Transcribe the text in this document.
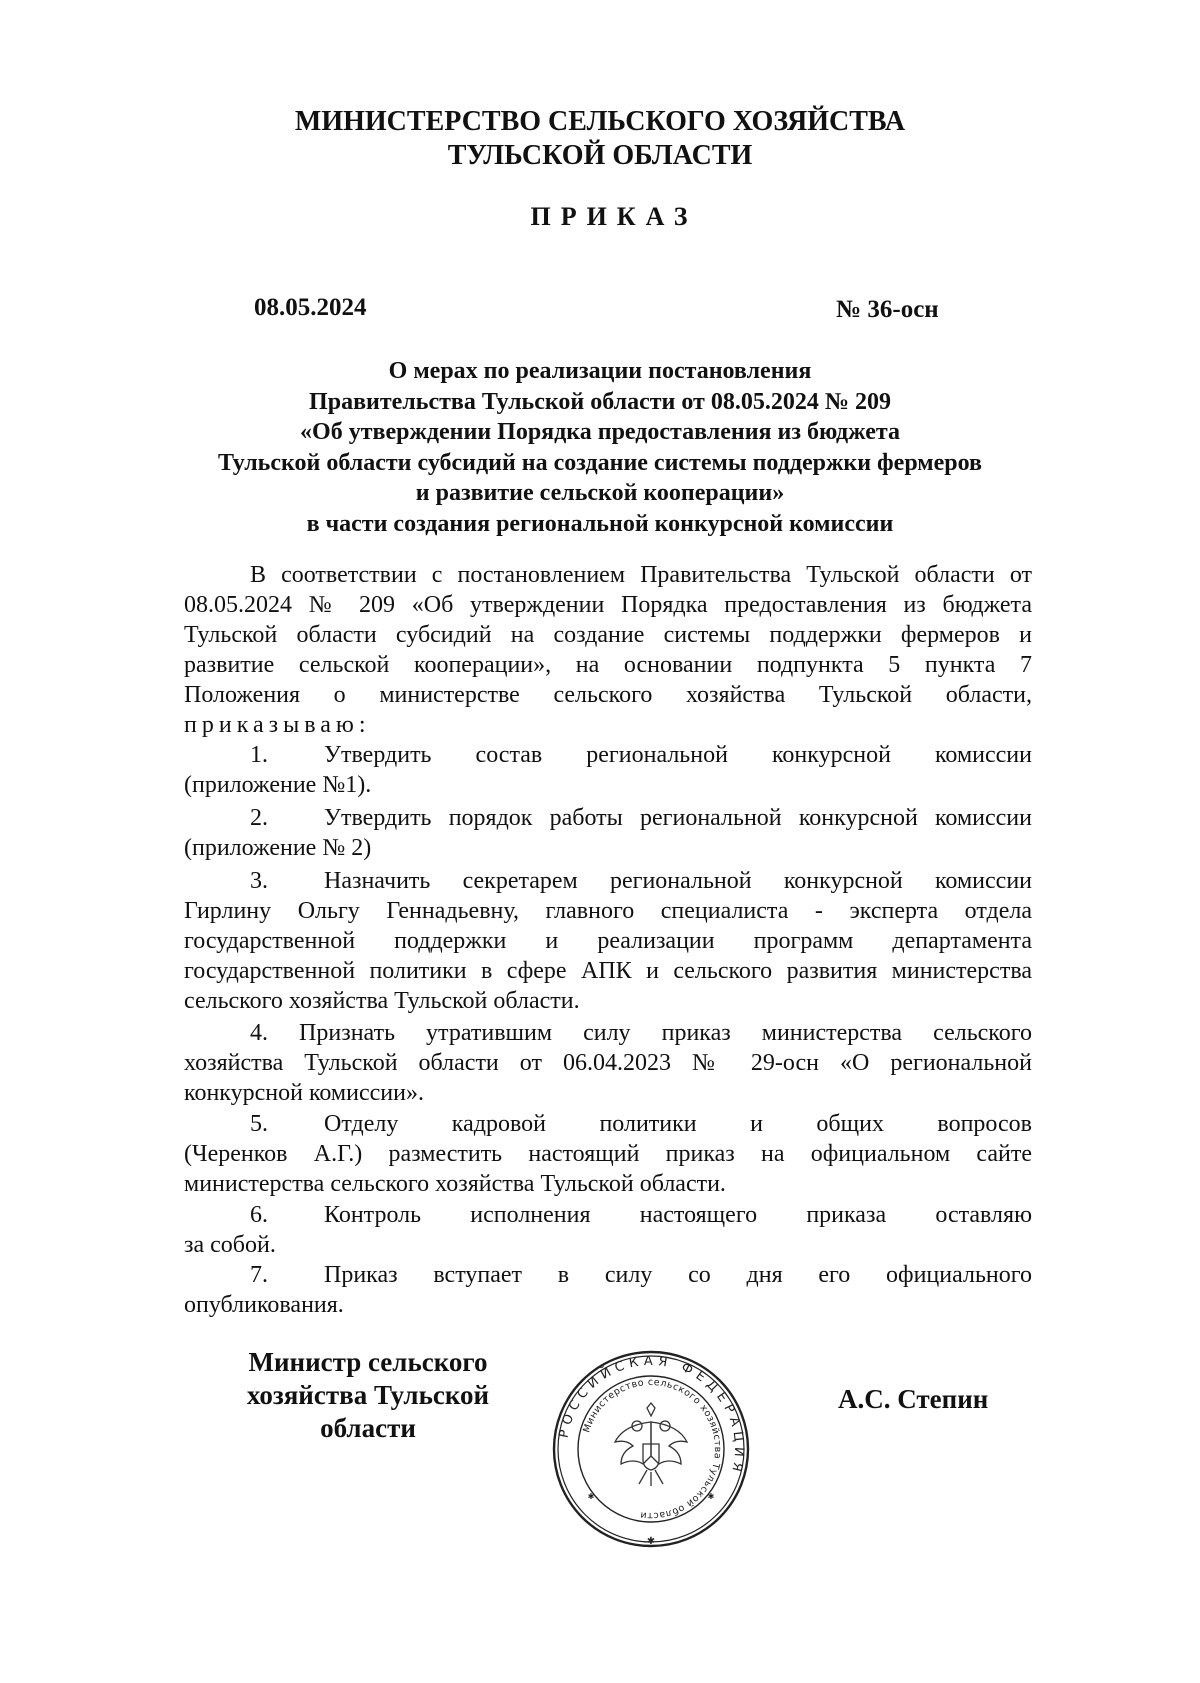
МИНИСТЕРСТВО СЕЛЬСКОГО ХОЗЯЙСТВА
ТУЛЬСКОЙ ОБЛАСТИ
ПРИКАЗ
08.05.2024	№ 36-осн
О мерах по реализации постановления
Правительства Тульской области от 08.05.2024 № 209
«Об утверждении Порядка предоставления из бюджета
Тульской области субсидий на создание системы поддержки фермеров
и развитие сельской кооперации»
в части создания региональной конкурсной комиссии
В соответствии с постановлением Правительства Тульской области от
08.05.2024 № 209 «Об утверждении Порядка предоставления из бюджета
Тульской области субсидий на создание системы поддержки фермеров и
развитие сельской кооперации», на основании подпункта 5 пункта 7
Положения о министерстве сельского хозяйства Тульской области,
приказываю:
1. Утвердить состав региональной конкурсной комиссии
(приложение №1).
2. Утвердить порядок работы региональной конкурсной комиссии
(приложение № 2)
3. Назначить секретарем региональной конкурсной комиссии
Гирлину Ольгу Геннадьевну, главного специалиста - эксперта отдела
государственной поддержки и реализации программ департамента
государственной политики в сфере АПК и сельского развития министерства
сельского хозяйства Тульской области.
4. Признать утратившим силу приказ министерства сельского
хозяйства Тульской области от 06.04.2023 № 29-осн «О региональной
конкурсной комиссии».
5. Отделу кадровой политики и общих вопросов
(Черенков А.Г.) разместить настоящий приказ на официальном сайте
министерства сельского хозяйства Тульской области.
6. Контроль исполнения настоящего приказа оставляю
за собой.
7. Приказ вступает в силу со дня его официального
опубликования.
Министр сельского
хозяйства Тульской
области
А.С. Степин
РОССИЙСКАЯ ФЕДЕРАЦИЯ
Министерство сельского хозяйства Тульской области
✱
✱	✱
